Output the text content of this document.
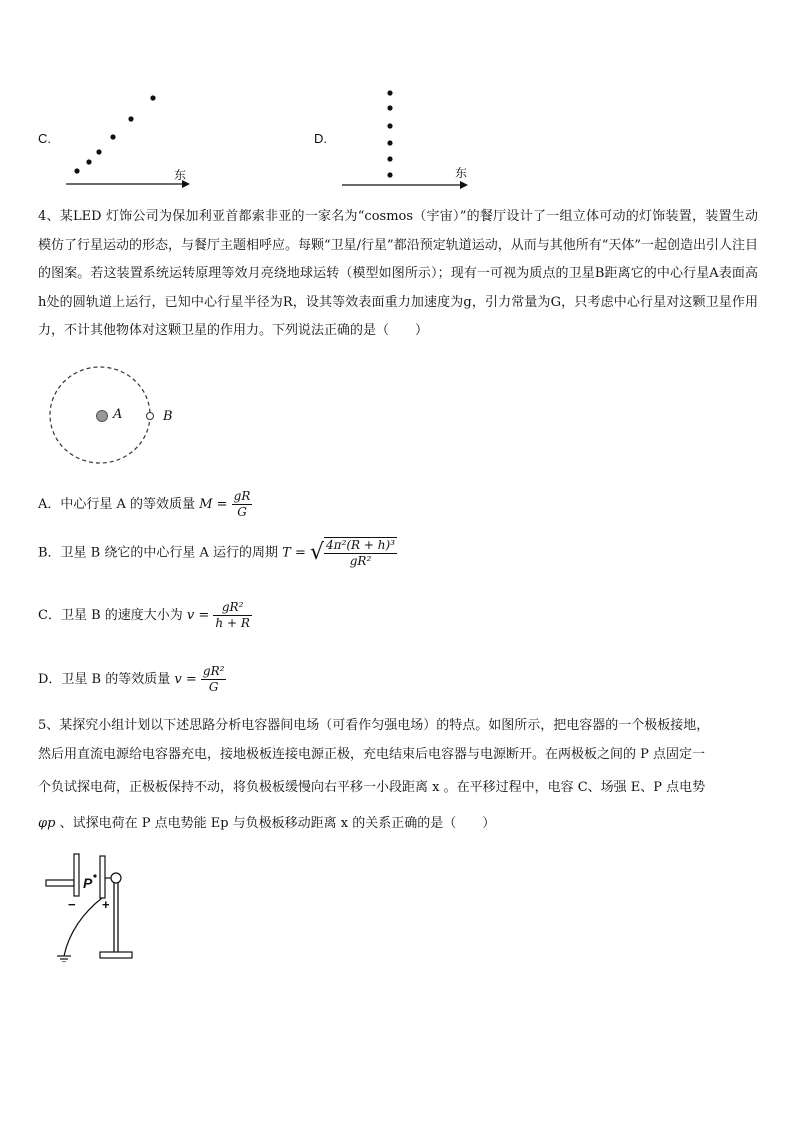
C.
东
D.
东
4、某LED 灯饰公司为保加利亚首都索非亚的一家名为“cosmos（宇宙）”的餐厅设计了一组立体可动的灯饰装置，装置生动模仿了行星运动的形态，与餐厅主题相呼应。每颗“卫星/行星”都沿预定轨道运动，从而与其他所有“天体”一起创造出引人注目的图案。若这装置系统运转原理等效月亮绕地球运转（模型如图所示）；现有一可视为质点的卫星B距离它的中心行星A表面高h处的圆轨道上运行，已知中心行星半径为R，设其等效表面重力加速度为g，引力常量为G，只考虑中心行星对这颗卫星作用力，不计其他物体对这颗卫星的作用力。下列说法正确的是（　　）
A	B
A．中心行星 A 的等效质量 $M = \frac{gR}{G}$
B．卫星 B 绕它的中心行星 A 运行的周期 T = √ $\frac{\text{4π²(R + h)³}}{\text{gR²}}$
C．卫星 B 的速度大小为 $v = \frac{\text{gR²}}{h + R}$
D．卫星 B 的等效质量 $v = \frac{\text{gR²}}{G}$
5、某探究小组计划以下述思路分析电容器间电场（可看作匀强电场）的特点。如图所示，把电容器的一个极板接地，
然后用直流电源给电容器充电，接地极板连接电源正极，充电结束后电容器与电源断开。在两极板之间的 P 点固定一
个负试探电荷，正极板保持不动，将负极板缓慢向右平移一小段距离 x 。在平移过程中，电容 C、场强 E、P 点电势
φp 、试探电荷在 P 点电势能 Ep 与负极板移动距离 x 的关系正确的是（　　）
P
− +
